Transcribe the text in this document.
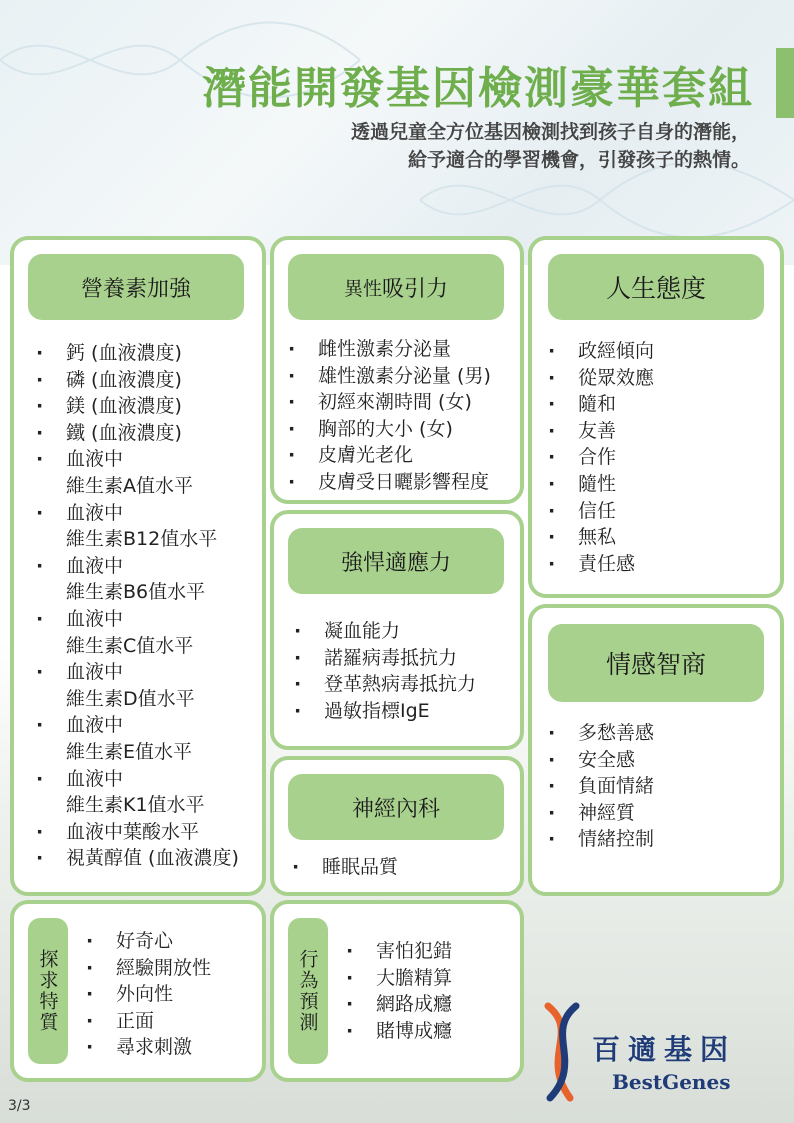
潛能開發基因檢測豪華套組
透過兒童全方位基因檢測找到孩子自身的潛能，
給予適合的學習機會，引發孩子的熱情。
營養素加強
· 鈣 (血液濃度)
· 磷 (血液濃度)
· 鎂 (血液濃度)
· 鐵 (血液濃度)
· 血液中
維生素A值水平
· 血液中
維生素B12值水平
· 血液中
維生素B6值水平
· 血液中
維生素C值水平
· 血液中
維生素D值水平
· 血液中
維生素E值水平
· 血液中
維生素K1值水平
· 血液中葉酸水平
· 視黃醇值 (血液濃度)
異性 吸引力
· 雌性激素分泌量
· 雄性激素分泌量 (男)
· 初經來潮時間 (女)
· 胸部的大小 (女)
· 皮膚光老化
· 皮膚受日曬影響程度
人生態度
· 政經傾向
· 從眾效應
· 隨和
· 友善
· 合作
· 隨性
· 信任
· 無私
· 責任感
強悍適應力
· 凝血能力
· 諾羅病毒抵抗力
· 登革熱病毒抵抗力
· 過敏指標IgE
情感智商
· 多愁善感
· 安全感
· 負面情緒
· 神經質
· 情緒控制
神經內科
· 睡眠品質
探求特質
· 好奇心
· 經驗開放性
· 外向性
· 正面
· 尋求刺激
行為預測
·	害怕犯錯
· 大膽精算
· 網路成癮
· 賭博成癮
百適基因
BestGenes
3/3
